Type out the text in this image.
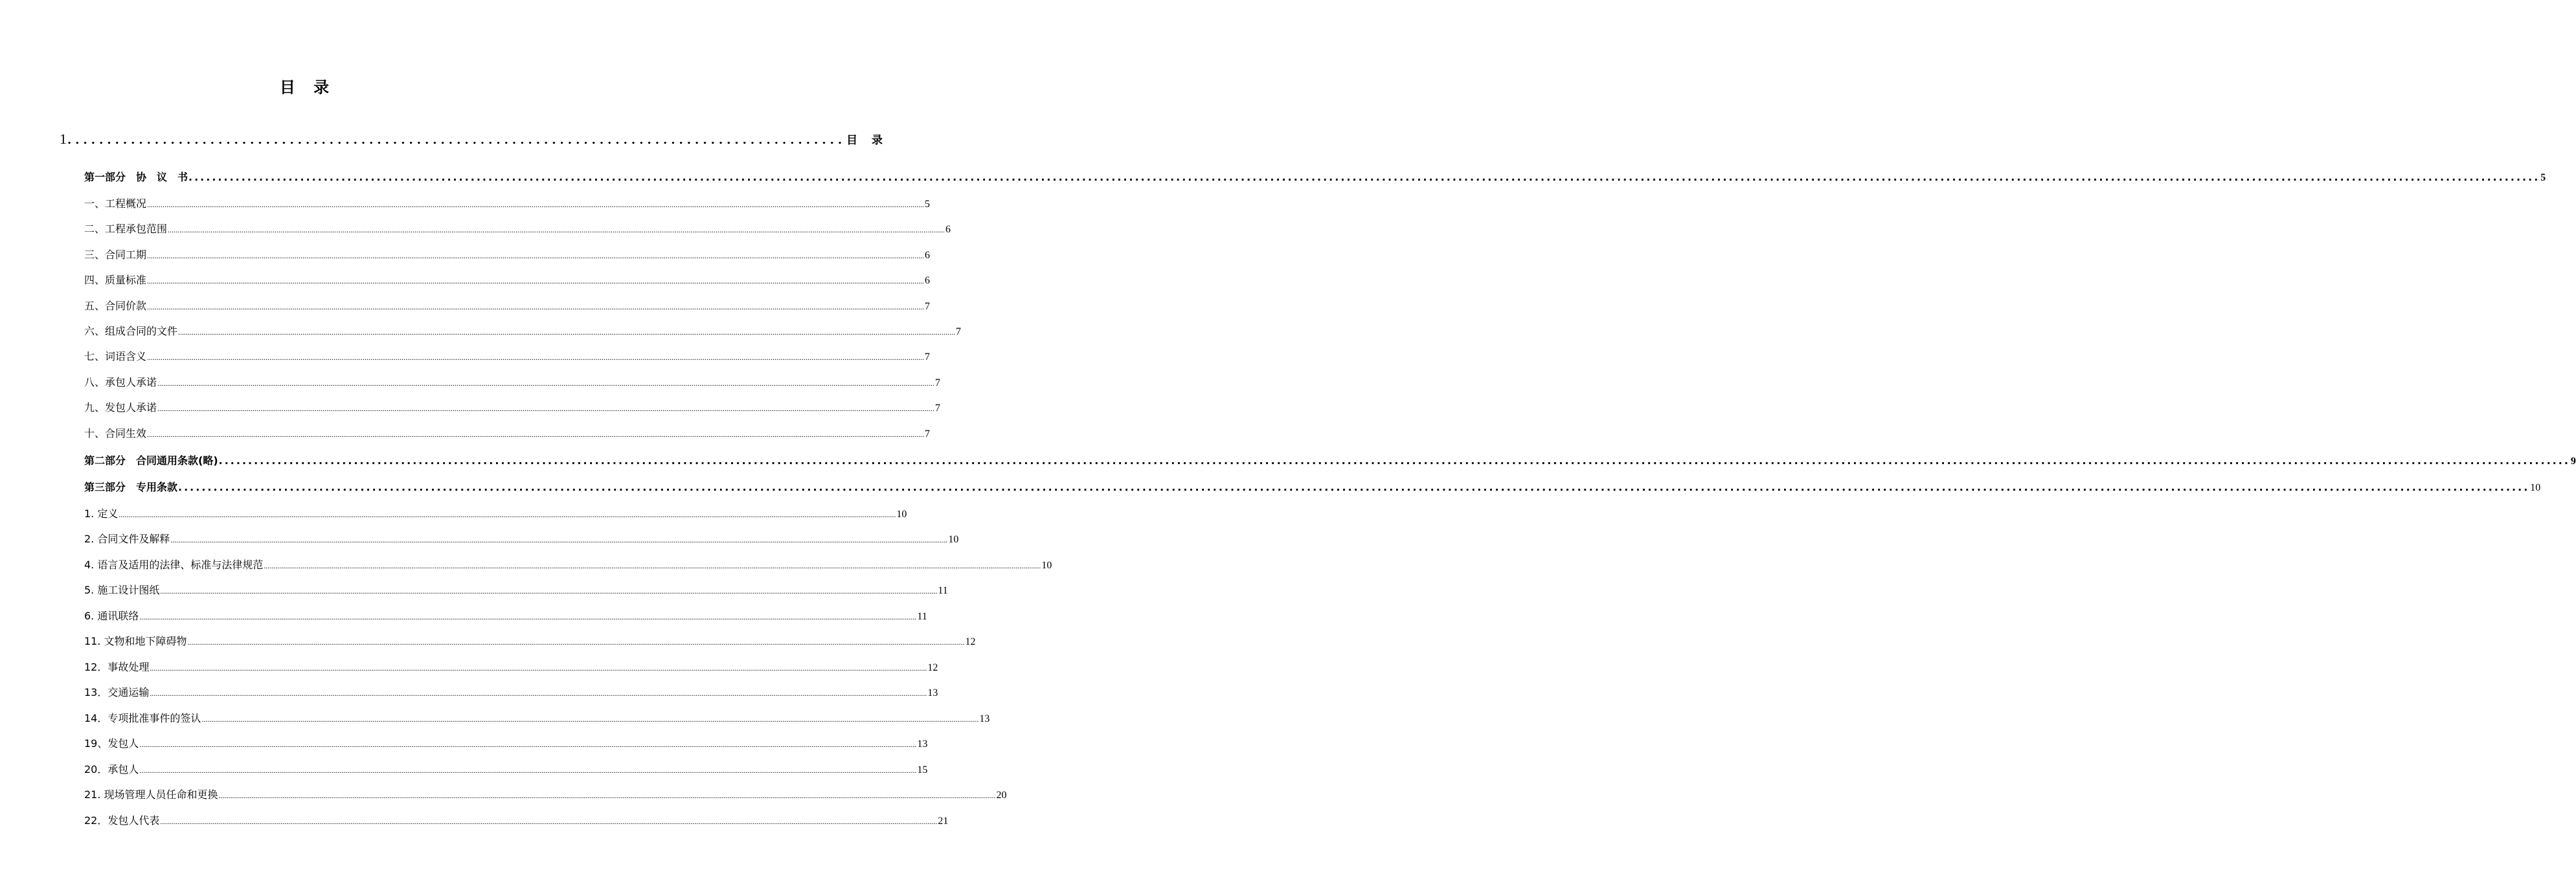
目 录
1 .................................................................................................. 目 录
第一部分　协　议　书 ................................................................................................................................................................................................................................................................................................................................................................................................................ 5
一、工程概况 ................................................................................................................................................................................................................................................................................................................................................................................................................ 5
二、工程承包范围 ................................................................................................................................................................................................................................................................................................................................................................................................................ 6
三、合同工期 ................................................................................................................................................................................................................................................................................................................................................................................................................ 6
四、质量标准 ................................................................................................................................................................................................................................................................................................................................................................................................................ 6
五、合同价款 ................................................................................................................................................................................................................................................................................................................................................................................................................ 7
六、组成合同的文件 ................................................................................................................................................................................................................................................................................................................................................................................................................ 7
七、词语含义 ................................................................................................................................................................................................................................................................................................................................................................................................................ 7
八、承包人承诺 ................................................................................................................................................................................................................................................................................................................................................................................................................ 7
九、发包人承诺 ................................................................................................................................................................................................................................................................................................................................................................................................................ 7
十、合同生效 ................................................................................................................................................................................................................................................................................................................................................................................................................ 7
第二部分　合同通用条款(略) ................................................................................................................................................................................................................................................................................................................................................................................................................ 9
第三部分　专用条款 ................................................................................................................................................................................................................................................................................................................................................................................................................ 10
1. 定义 ................................................................................................................................................................................................................................................................................................................................................................................................................ 10
2. 合同文件及解释 ................................................................................................................................................................................................................................................................................................................................................................................................................ 10
4. 语言及适用的法律、标准与法律规范 ................................................................................................................................................................................................................................................................................................................................................................................................................ 10
5. 施工设计图纸 ................................................................................................................................................................................................................................................................................................................................................................................................................ 11
6. 通讯联络 ................................................................................................................................................................................................................................................................................................................................................................................................................ 11
11. 文物和地下障碍物 ................................................................................................................................................................................................................................................................................................................................................................................................................ 12
12．事故处理 ................................................................................................................................................................................................................................................................................................................................................................................................................ 12
13．交通运输 ................................................................................................................................................................................................................................................................................................................................................................................................................ 13
14．专项批准事件的签认 ................................................................................................................................................................................................................................................................................................................................................................................................................ 13
19、发包人 ................................................................................................................................................................................................................................................................................................................................................................................................................ 13
20．承包人 ................................................................................................................................................................................................................................................................................................................................................................................................................ 15
21. 现场管理人员任命和更换 ................................................................................................................................................................................................................................................................................................................................................................................................................ 20
22．发包人代表 ................................................................................................................................................................................................................................................................................................................................................................................................................ 21
